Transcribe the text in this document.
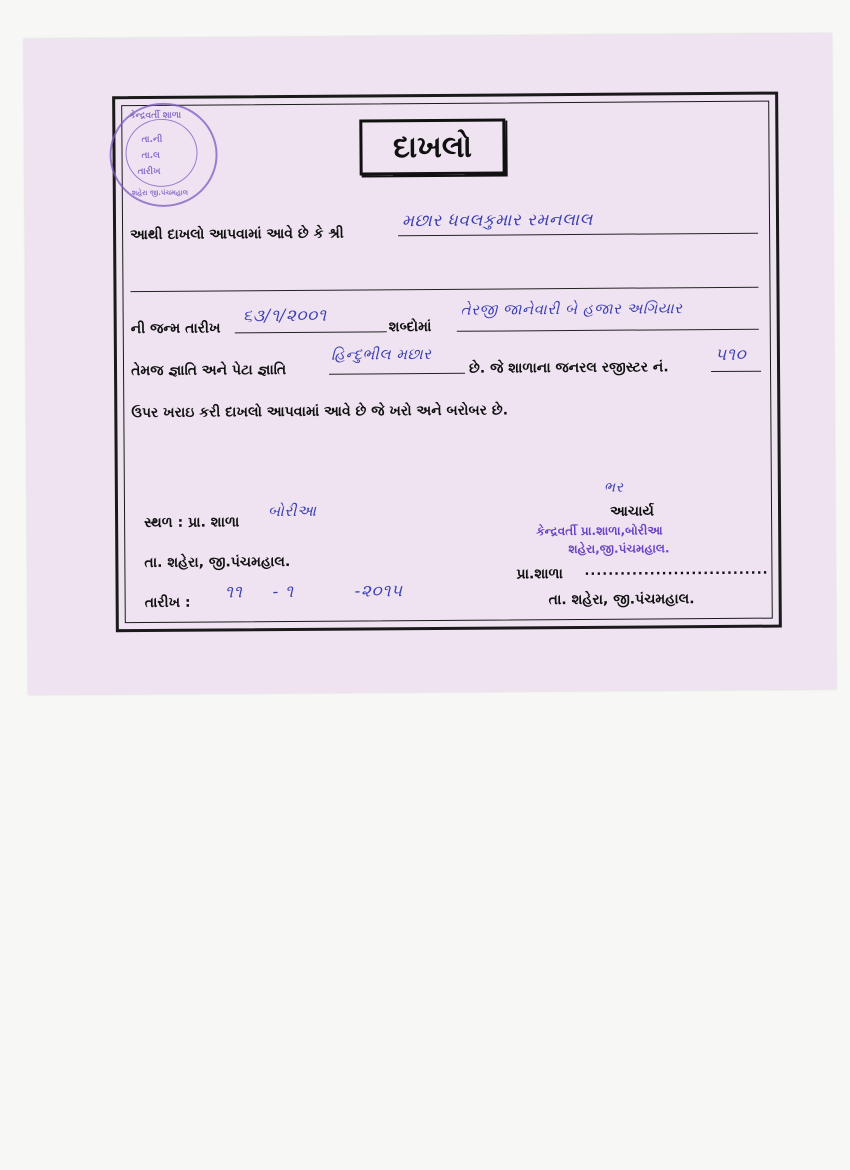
કેન્દ્રવર્તી શાળા
તા.ની
તા.લ
તારીખ
શહેરા જી.પંચમહાલ
દાખલો
આથી દાખલો આપવામાં આવે છે કે શ્રી
મછાર ધવલકુમાર રમનલાલ
ની જન્મ તારીખ
૬૩/૧/૨૦૦૧
શબ્દોમાં
તેરજી જાનેવારી બે હજાર અગિયાર
તેમજ જ્ઞાતિ અને પેટા જ્ઞાતિ
હિન્દુભીલ મછાર
છે. જે શાળાના જનરલ રજીસ્ટર નં.
૫૧૦
ઉપર ખરાઇ કરી દાખલો આપવામાં આવે છે જે ખરો અને બરોબર છે.
સ્થળ : પ્રા. શાળા
બોરીઆ
તા. શહેરા, જી.પંચમહાલ.
તારીખ :
૧૧ - ૧	-૨૦૧૫
ભર
આચાર્ય
કેન્દ્રવર્તી પ્રા.શાળા,બોરીઆ
શહેરા,જી.પંચમહાલ.
પ્રા.શાળા ...............................
તા. શહેરા, જી.પંચમહાલ.
